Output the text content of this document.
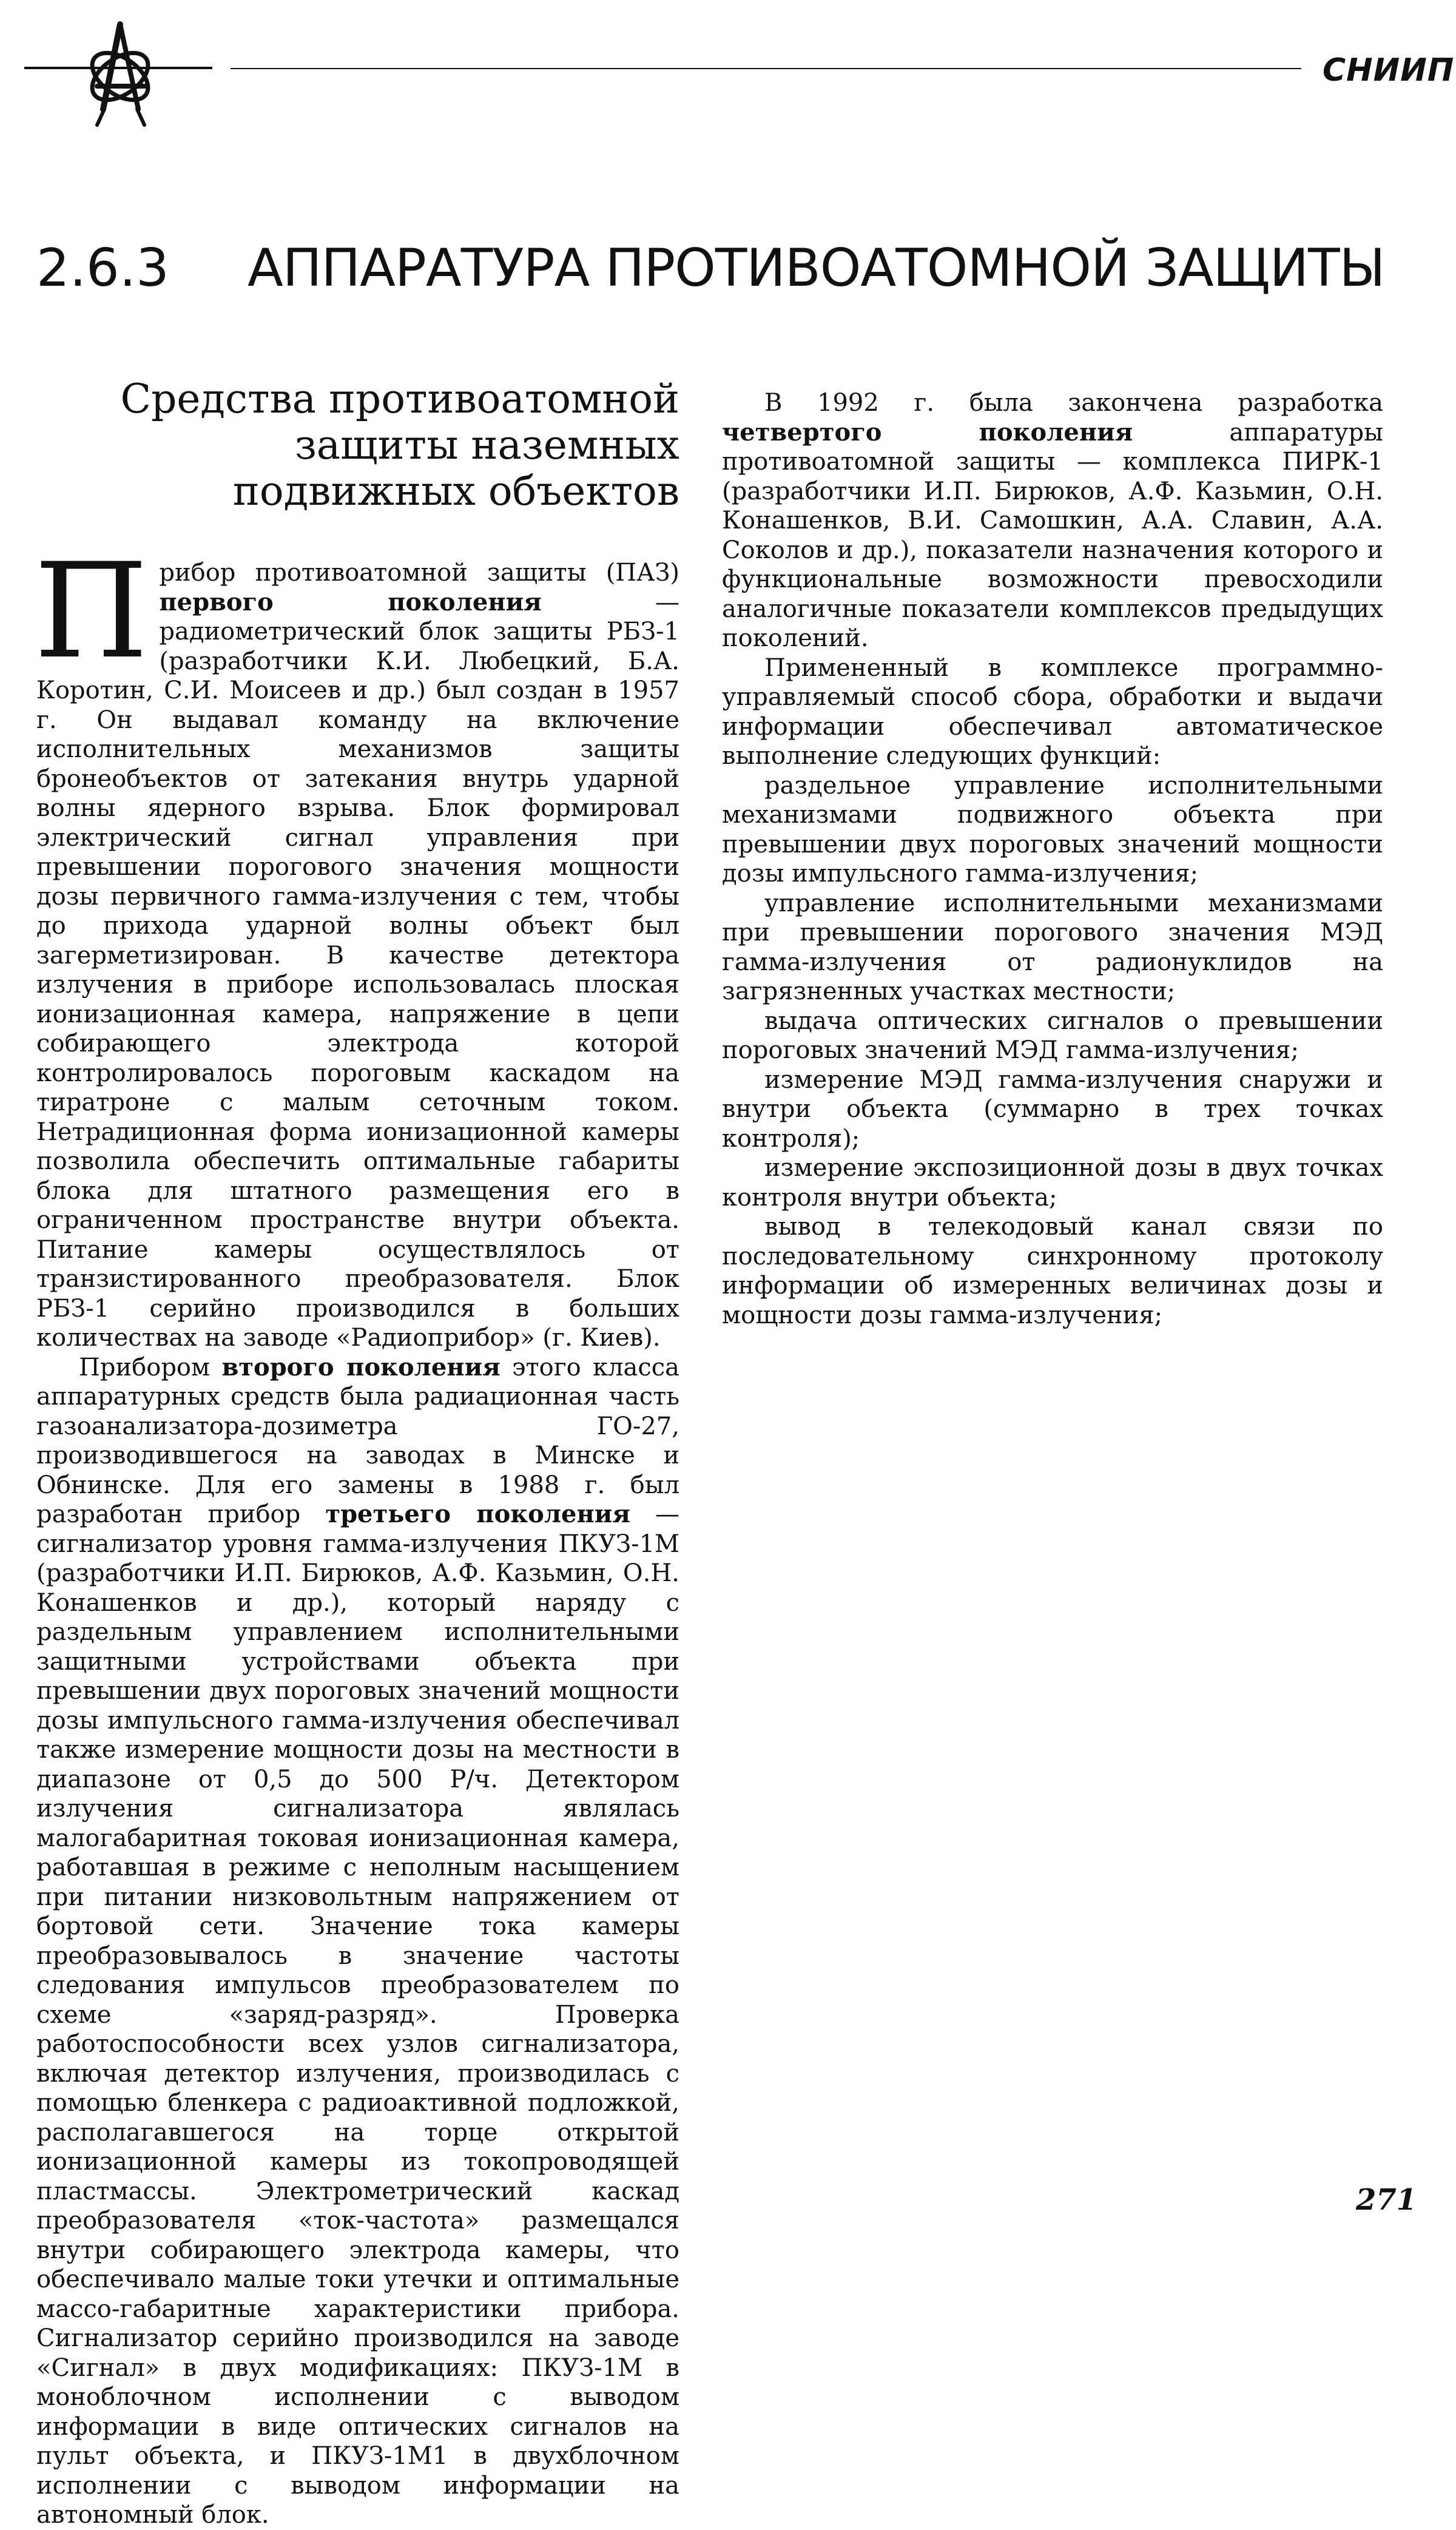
СНИИП
2.6.3 АППАРАТУРА ПРОТИВОАТОМНОЙ ЗАЩИТЫ
Средства противоатомной
защиты наземных
подвижных объектов

Прибор противоатомной защиты (ПАЗ) первого поколения — радиометрический блок защиты РБЗ-1 (разработчики К.И. Любецкий, Б.А. Коротин, С.И. Моисеев и др.) был создан в 1957 г. Он выдавал команду на включение исполнительных механизмов защиты бронеобъектов от затекания внутрь ударной волны ядерного взрыва. Блок формировал электрический сигнал управления при превышении порогового значения мощности дозы первичного гамма-излучения с тем, чтобы до прихода ударной волны объект был загерметизирован. В качестве детектора излучения в приборе использовалась плоская ионизационная камера, напряжение в цепи собирающего электрода которой контролировалось пороговым каскадом на тиратроне с малым сеточным током. Нетрадиционная форма ионизационной камеры позволила обеспечить оптимальные габариты блока для штатного размещения его в ограниченном пространстве внутри объекта. Питание камеры осуществлялось от транзистированного преобразователя. Блок РБЗ-1 серийно производился в больших количествах на заводе «Радиоприбор» (г. Киев).

Прибором второго поколения этого класса аппаратурных средств была радиационная часть газоанализатора-дозиметра ГО-27, производившегося на заводах в Минске и Обнинске. Для его замены в 1988 г. был разработан прибор третьего поколения — сигнализатор уровня гамма-излучения ПКУЗ-1М (разработчики И.П. Бирюков, А.Ф. Казьмин, О.Н. Конашенков и др.), который наряду с раздельным управлением исполнительными защитными устройствами объекта при превышении двух пороговых значений мощности дозы импульсного гамма-излучения обеспечивал также измерение мощности дозы на местности в диапазоне от 0,5 до 500 Р/ч. Детектором излучения сигнализатора являлась малогабаритная токовая ионизационная камера, работавшая в режиме с неполным насыщением при питании низковольтным напряжением от бортовой сети. Значение тока камеры преобразовывалось в значение частоты следования импульсов преобразователем по схеме «заряд-разряд». Проверка работоспособности всех узлов сигнализатора, включая детектор излучения, производилась с помощью бленкера с радиоактивной подложкой, располагавшегося на торце открытой ионизационной камеры из токопроводящей пластмассы. Электрометрический каскад преобразователя «ток-частота» размещался внутри собирающего электрода камеры, что обеспечивало малые токи утечки и оптимальные массо-габаритные характеристики прибора. Сигнализатор серийно производился на заводе «Сигнал» в двух модификациях: ПКУЗ-1М в моноблочном исполнении с выводом информации в виде оптических сигналов на пульт объекта, и ПКУЗ-1М1 в двухблочном исполнении с выводом информации на автономный блок.

В 1992 г. была закончена разработка четвертого поколения аппаратуры противоатомной защиты — комплекса ПИРК-1 (разработчики И.П. Бирюков, А.Ф. Казьмин, О.Н. Конашенков, В.И. Самошкин, А.А. Славин, А.А. Соколов и др.), показатели назначения которого и функциональные возможности превосходили аналогичные показатели комплексов предыдущих поколений.

Примененный в комплексе программно-управляемый способ сбора, обработки и выдачи информации обеспечивал автоматическое выполнение следующих функций:

раздельное управление исполнительными механизмами подвижного объекта при превышении двух пороговых значений мощности дозы импульсного гамма-излучения;

управление исполнительными механизмами при превышении порогового значения МЭД гамма-излучения от радионуклидов на загрязненных участках местности;

выдача оптических сигналов о превышении пороговых значений МЭД гамма-излучения;

измерение МЭД гамма-излучения снаружи и внутри объекта (суммарно в трех точках контроля);

измерение экспозиционной дозы в двух точках контроля внутри объекта;

вывод в телекодовый канал связи по последовательному синхронному протоколу информации об измеренных величинах дозы и мощности дозы гамма-излучения;

271
